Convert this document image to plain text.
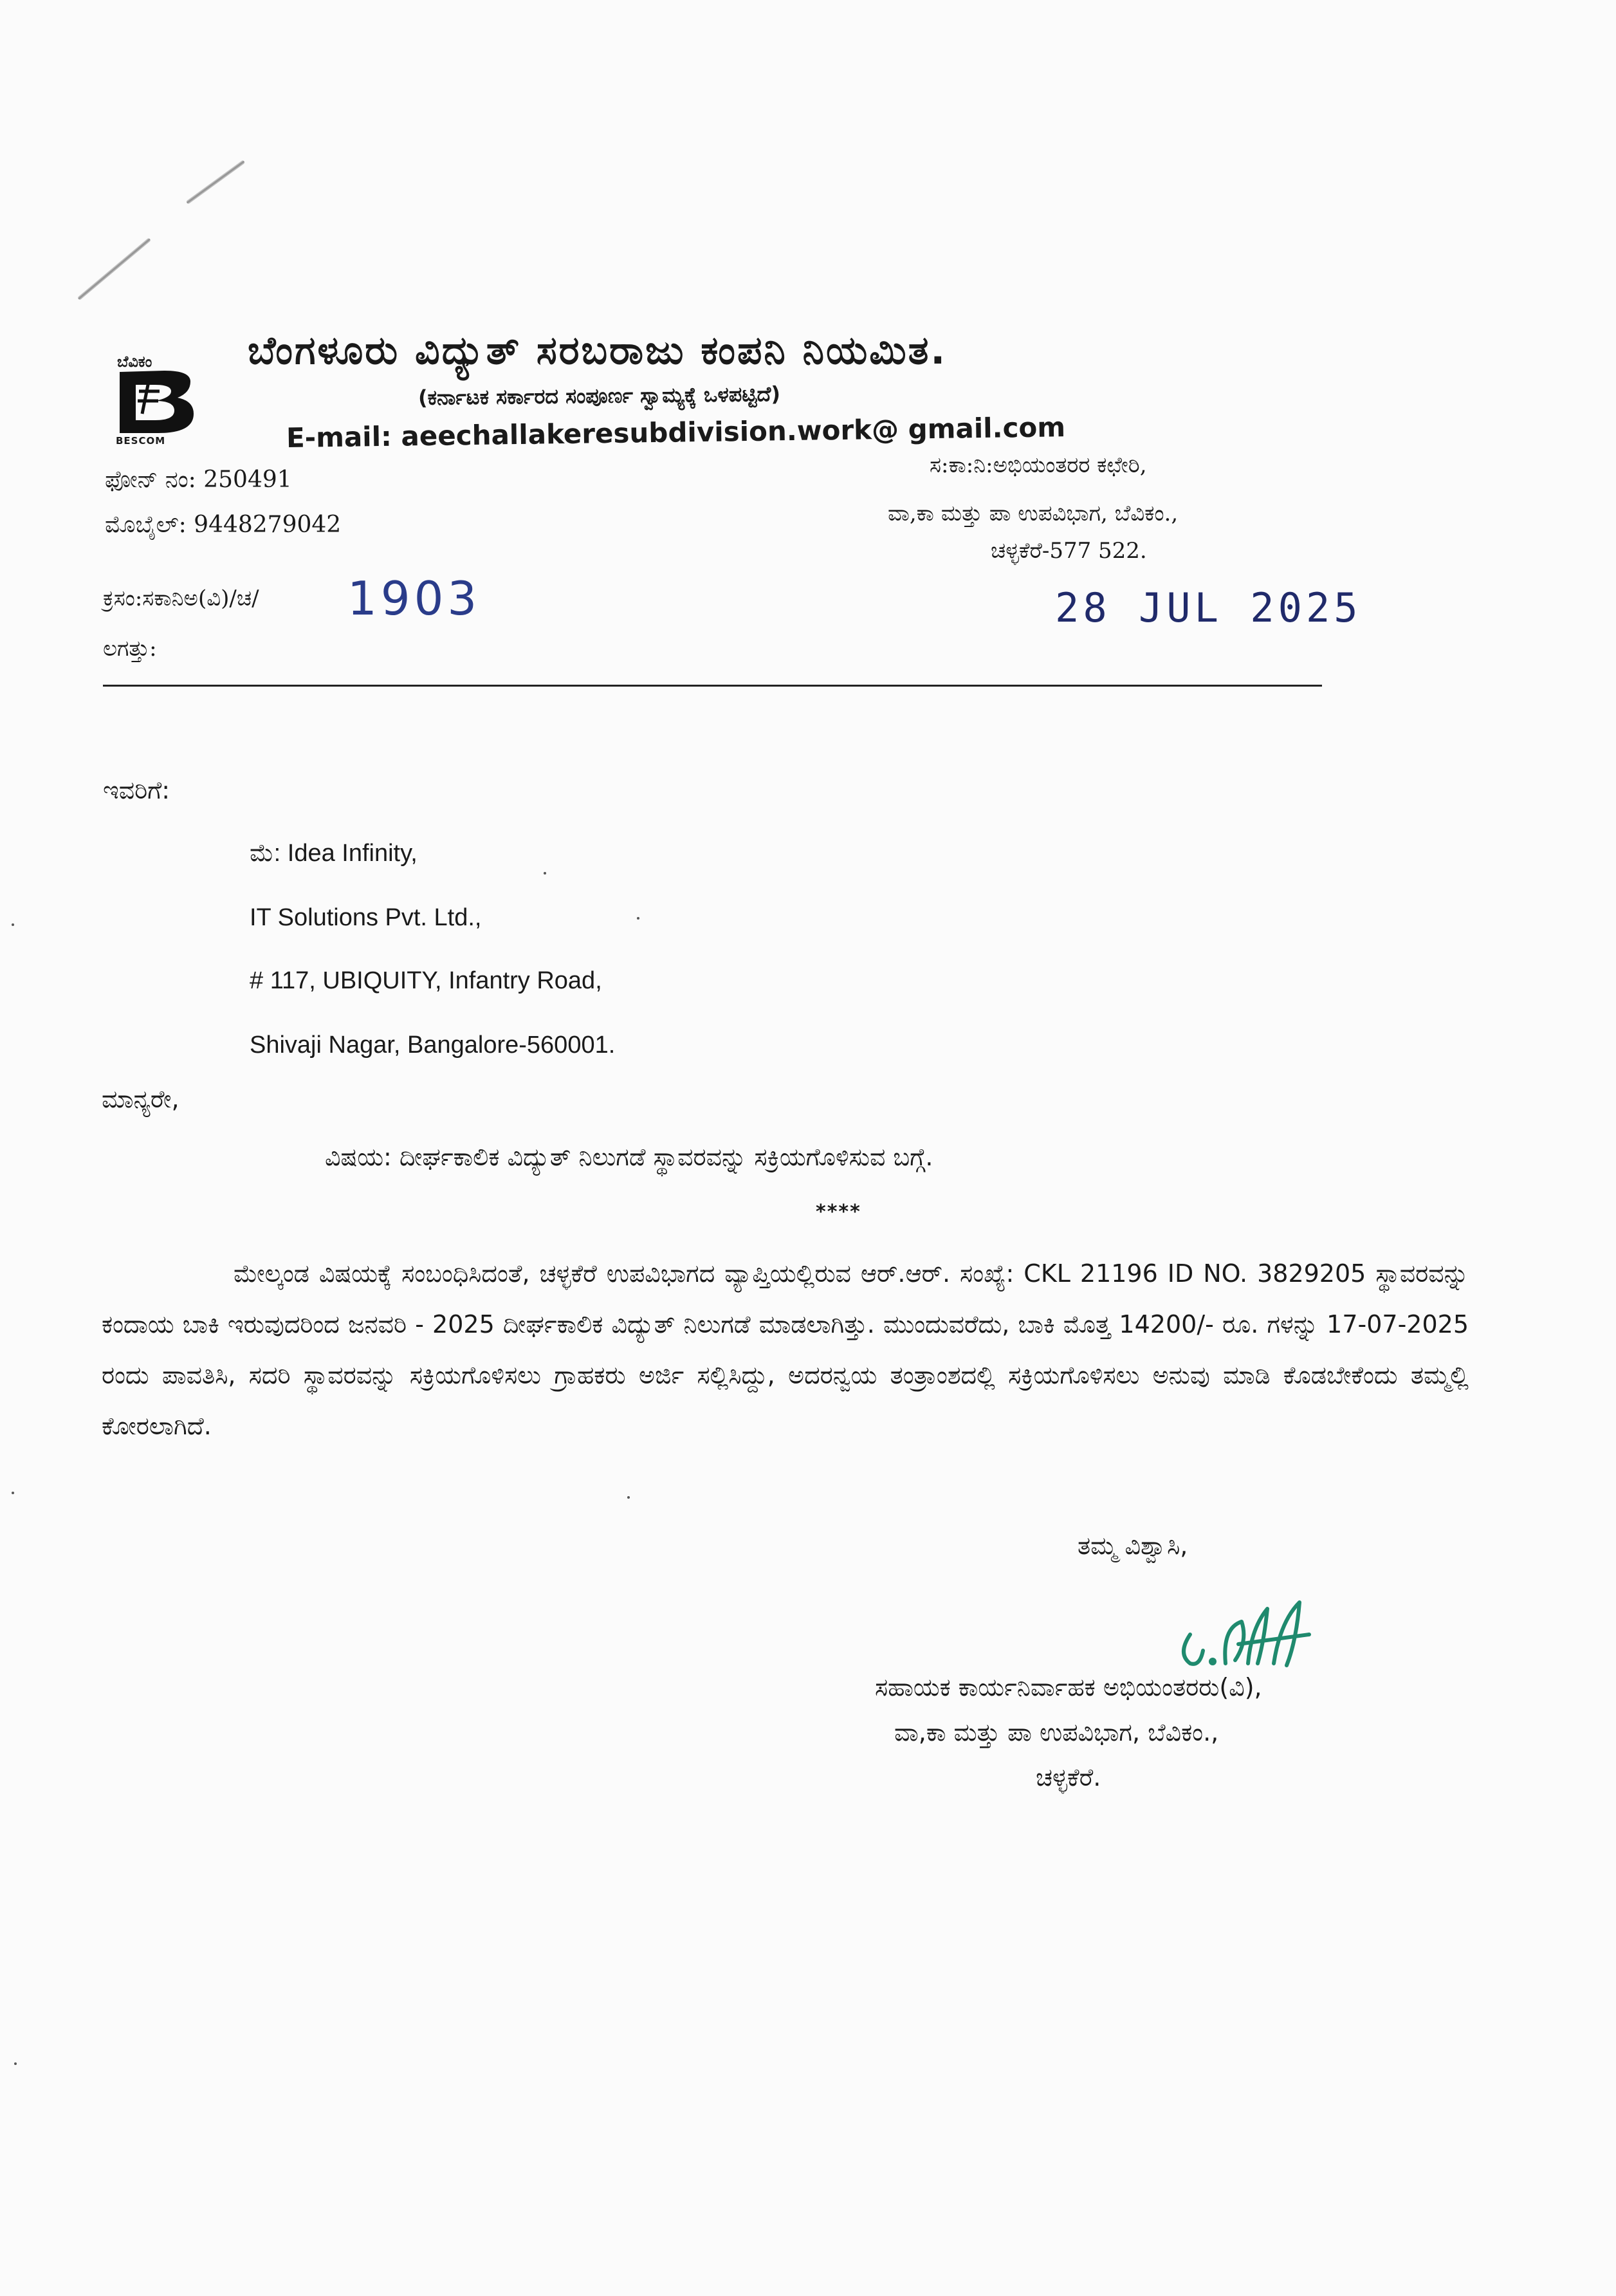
ಬೆವಿಕಂ
BESCOM
ಬೆಂಗಳೂರು ವಿದ್ಯುತ್ ಸರಬರಾಜು ಕಂಪನಿ ನಿಯಮಿತ.
(ಕರ್ನಾಟಕ ಸರ್ಕಾರದ ಸಂಪೂರ್ಣ ಸ್ವಾಮ್ಯಕ್ಕೆ ಒಳಪಟ್ಟಿದೆ)
E-mail: aeechallakeresubdivision.work@ gmail.com
ಫೋನ್ ನಂ: 250491
ಮೊಬೈಲ್: 9448279042
ಸ:ಕಾ:ನಿ:ಅಭಿಯಂತರರ ಕಛೇರಿ,
ವಾ,ಕಾ ಮತ್ತು ಪಾ ಉಪವಿಭಾಗ, ಬೆವಿಕಂ.,
ಚಳ್ಳಕೆರೆ-577 522.
ಕ್ರಸಂ:ಸಕಾನಿಅ(ವಿ)/ಚ/ 1903
ಲಗತ್ತು:
28 JUL 2025
ಇವರಿಗೆ:
ಮೆ: Idea Infinity,
IT Solutions Pvt. Ltd.,
# 117, UBIQUITY, Infantry Road,
Shivaji Nagar, Bangalore-560001.
ಮಾನ್ಯರೇ,
ವಿಷಯ: ದೀರ್ಘಕಾಲಿಕ ವಿದ್ಯುತ್ ನಿಲುಗಡೆ ಸ್ಥಾವರವನ್ನು ಸಕ್ರಿಯಗೊಳಿಸುವ ಬಗ್ಗೆ.
****

ಮೇಲ್ಕಂಡ ವಿಷಯಕ್ಕೆ ಸಂಬಂಧಿಸಿದಂತೆ, ಚಳ್ಳಕೆರೆ ಉಪವಿಭಾಗದ ವ್ಯಾಪ್ತಿಯಲ್ಲಿರುವ ಆರ್.ಆರ್. ಸಂಖ್ಯೆ: CKL 21196 ID NO. 3829205 ಸ್ಥಾವರವನ್ನು ಕಂದಾಯ ಬಾಕಿ ಇರುವುದರಿಂದ ಜನವರಿ - 2025 ದೀರ್ಘಕಾಲಿಕ ವಿದ್ಯುತ್ ನಿಲುಗಡೆ ಮಾಡಲಾಗಿತ್ತು. ಮುಂದುವರೆದು, ಬಾಕಿ ಮೊತ್ತ 14200/- ರೂ. ಗಳನ್ನು 17-07-2025 ರಂದು ಪಾವತಿಸಿ, ಸದರಿ ಸ್ಥಾವರವನ್ನು ಸಕ್ರಿಯಗೊಳಿಸಲು ಗ್ರಾಹಕರು ಅರ್ಜಿ ಸಲ್ಲಿಸಿದ್ದು, ಅದರನ್ವಯ ತಂತ್ರಾಂಶದಲ್ಲಿ ಸಕ್ರಿಯಗೊಳಿಸಲು ಅನುವು ಮಾಡಿ ಕೊಡಬೇಕೆಂದು ತಮ್ಮಲ್ಲಿ ಕೋರಲಾಗಿದೆ.

ತಮ್ಮ ವಿಶ್ವಾಸಿ,
ಸಹಾಯಕ ಕಾರ್ಯನಿರ್ವಾಹಕ ಅಭಿಯಂತರರು(ವಿ),
ವಾ,ಕಾ ಮತ್ತು ಪಾ ಉಪವಿಭಾಗ, ಬೆವಿಕಂ.,
ಚಳ್ಳಕೆರೆ.
